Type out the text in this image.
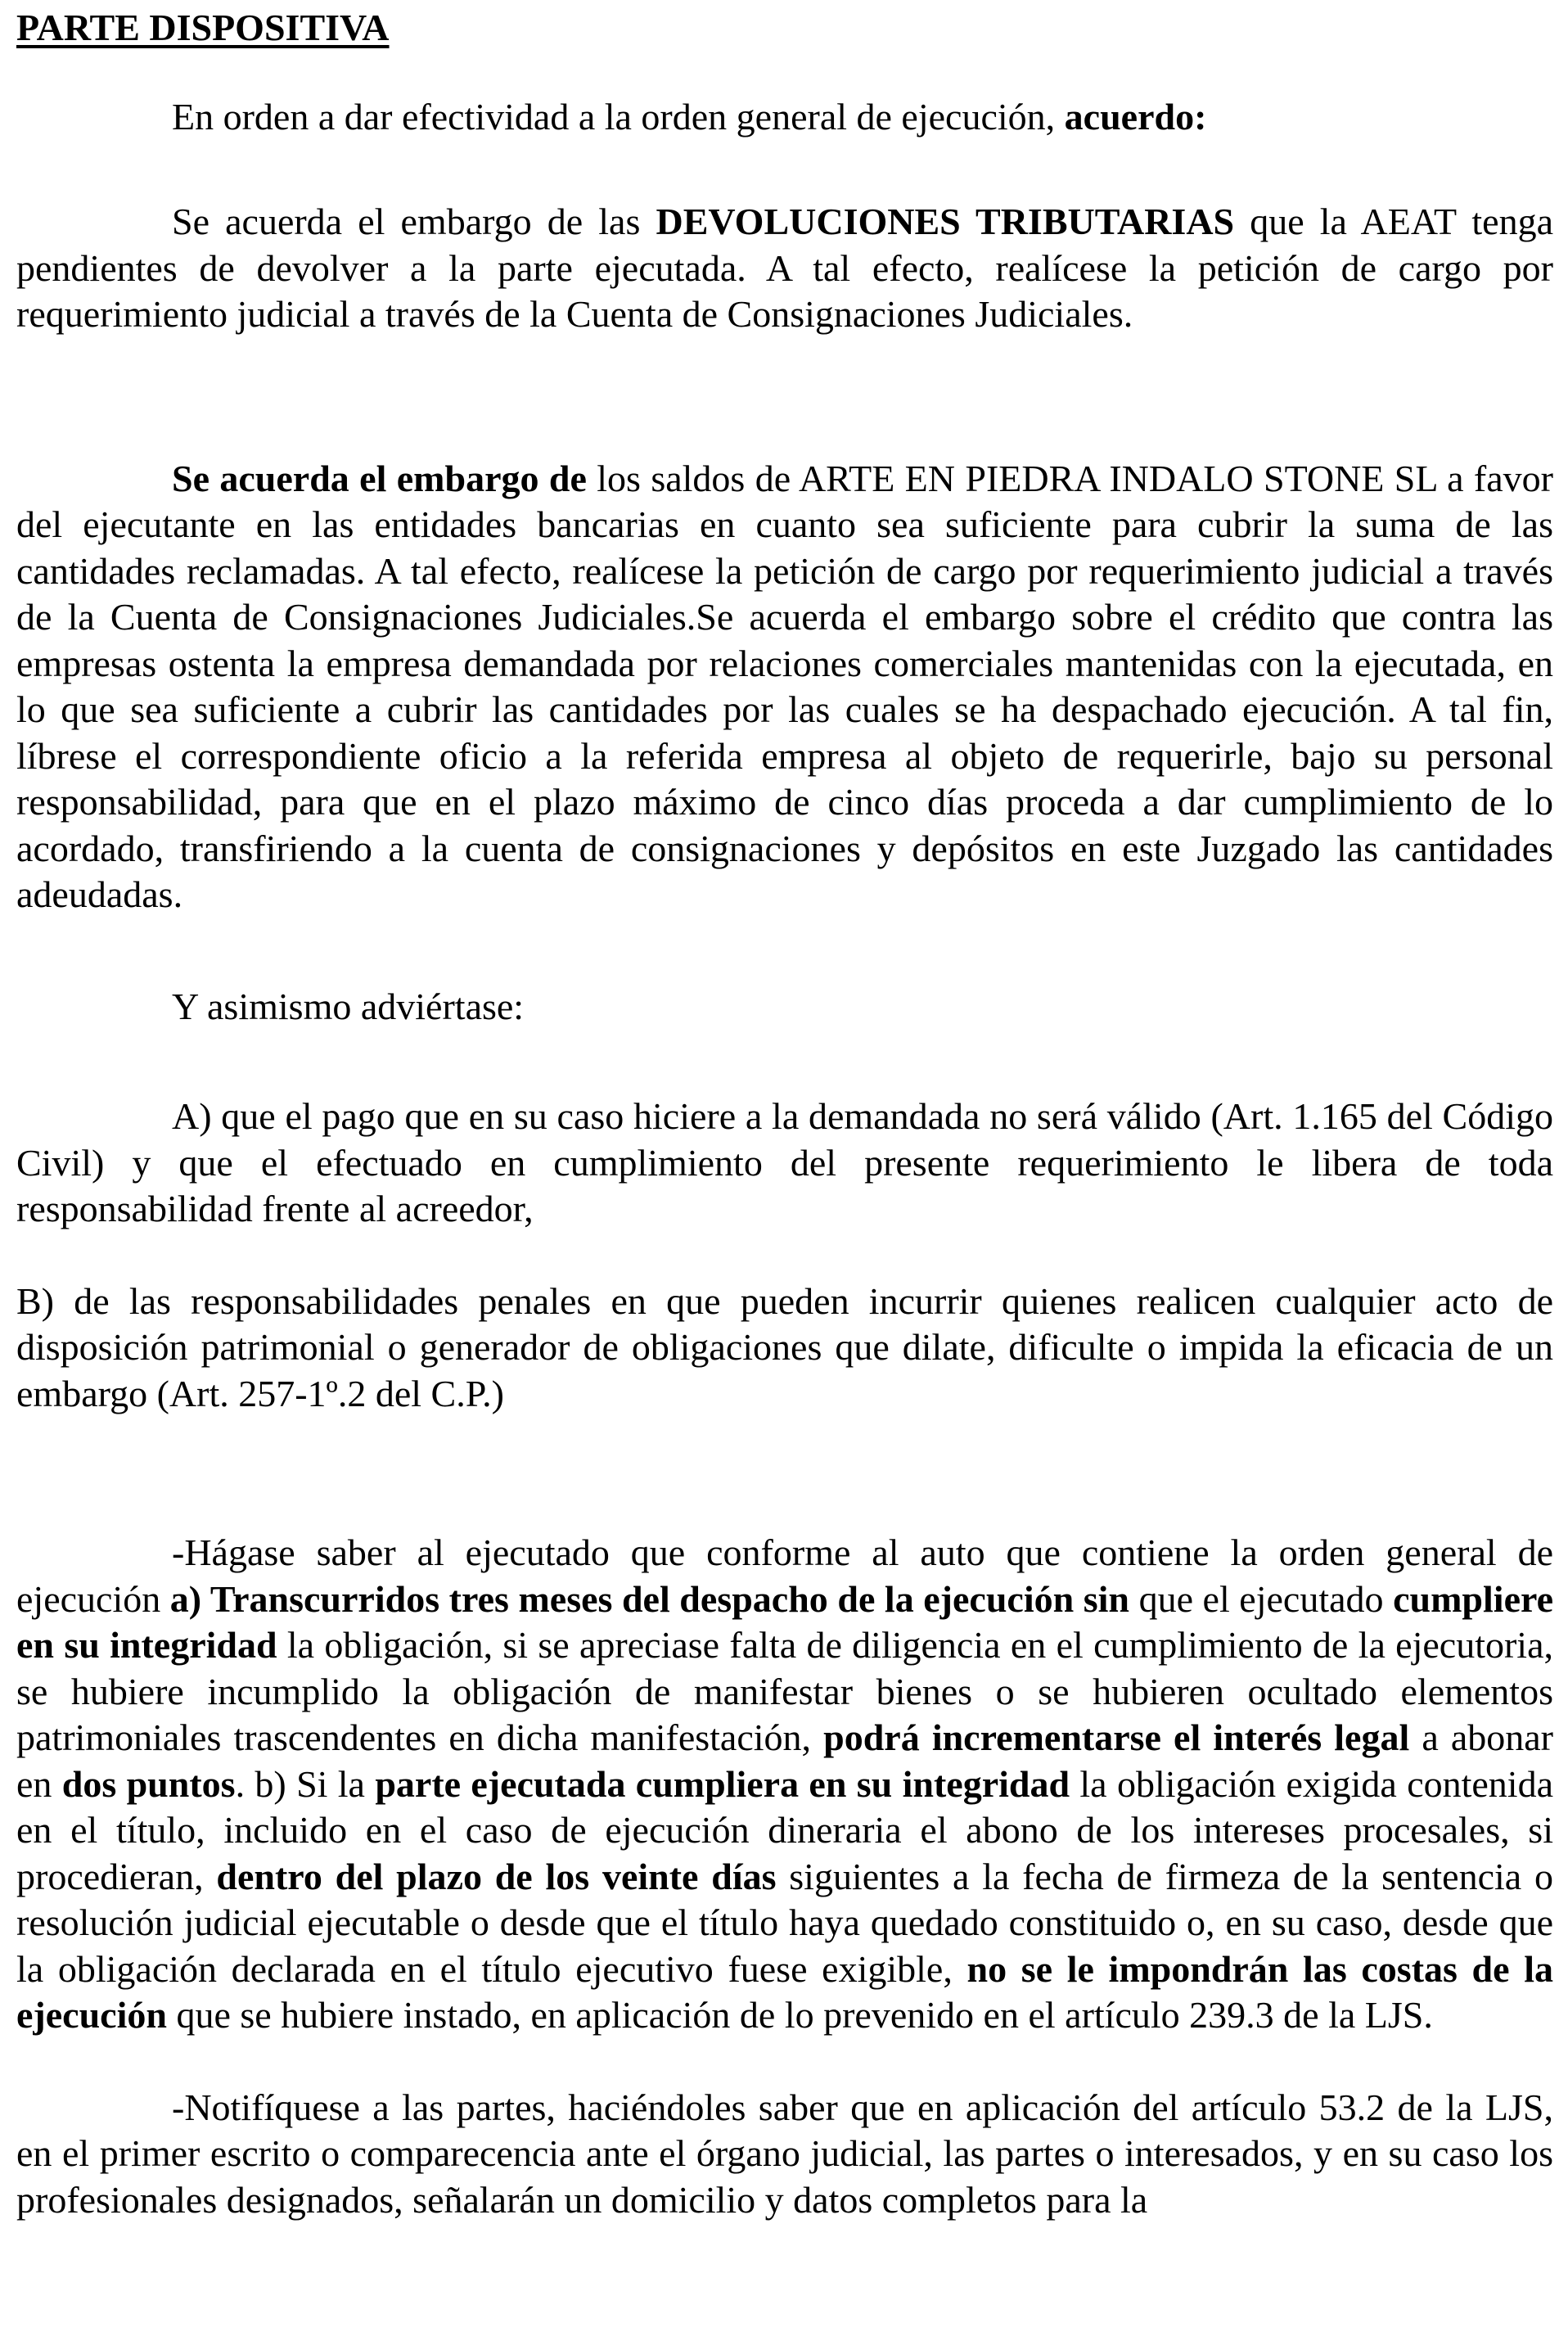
PARTE DISPOSITIVA

En orden a dar efectividad a la orden general de ejecución, acuerdo:

Se acuerda el embargo de las DEVOLUCIONES TRIBUTARIAS que la AEAT tenga pendientes de devolver a la parte ejecutada. A tal efecto, realícese la petición de cargo por requerimiento judicial a través de la Cuenta de Consignaciones Judiciales.

Se acuerda el embargo de los saldos de ARTE EN PIEDRA INDALO STONE SL a favor del ejecutante en las entidades bancarias en cuanto sea suficiente para cubrir la suma de las cantidades reclamadas. A tal efecto, realícese la petición de cargo por requerimiento judicial a través de la Cuenta de Consignaciones Judiciales.Se acuerda el embargo sobre el crédito que contra las empresas ostenta la empresa demandada por relaciones comerciales mantenidas con la ejecutada, en lo que sea suficiente a cubrir las cantidades por las cuales se ha despachado ejecución. A tal fin, líbrese el correspondiente oficio a la referida empresa al objeto de requerirle, bajo su personal responsabilidad, para que en el plazo máximo de cinco días proceda a dar cumplimiento de lo acordado, transfiriendo a la cuenta de consignaciones y depósitos en este Juzgado las cantidades adeudadas.

Y asimismo adviértase:

A) que el pago que en su caso hiciere a la demandada no será válido (Art. 1.165 del Código Civil) y que el efectuado en cumplimiento del presente requerimiento le libera de toda responsabilidad frente al acreedor,

B) de las responsabilidades penales en que pueden incurrir quienes realicen cualquier acto de disposición patrimonial o generador de obligaciones que dilate, dificulte o impida la eficacia de un embargo (Art. 257-1º.2 del C.P.)

-Hágase saber al ejecutado que conforme al auto que contiene la orden general de ejecución a) Transcurridos tres meses del despacho de la ejecución sin que el ejecutado cumpliere en su integridad la obligación, si se apreciase falta de diligencia en el cumplimiento de la ejecutoria, se hubiere incumplido la obligación de manifestar bienes o se hubieren ocultado elementos patrimoniales trascendentes en dicha manifestación, podrá incrementarse el interés legal a abonar en dos puntos. b) Si la parte ejecutada cumpliera en su integridad la obligación exigida contenida en el título, incluido en el caso de ejecución dineraria el abono de los intereses procesales, si procedieran, dentro del plazo de los veinte días siguientes a la fecha de firmeza de la sentencia o resolución judicial ejecutable o desde que el título haya quedado constituido o, en su caso, desde que la obligación declarada en el título ejecutivo fuese exigible, no se le impondrán las costas de la ejecución que se hubiere instado, en aplicación de lo prevenido en el artículo 239.3 de la LJS.

-Notifíquese a las partes, haciéndoles saber que en aplicación del artículo 53.2 de la LJS, en el primer escrito o comparecencia ante el órgano judicial, las partes o interesados, y en su caso los profesionales designados, señalarán un domicilio y datos completos para la
